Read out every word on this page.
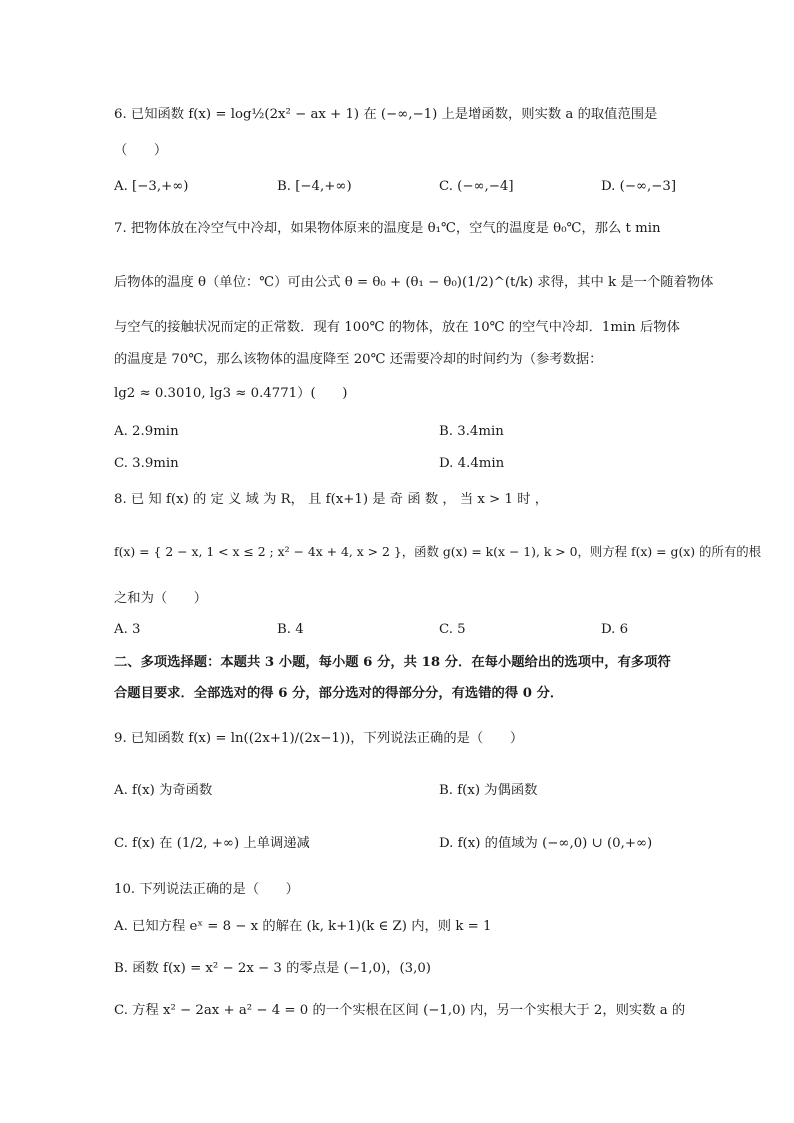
6. 已知函数 f(x) = log½(2x² − ax + 1) 在 (−∞,−1) 上是增函数，则实数 a 的取值范围是
（　　）
A. [−3,+∞)	B. [−4,+∞)	C. (−∞,−4]	D. (−∞,−3]
7. 把物体放在冷空气中冷却，如果物体原来的温度是 θ₁℃，空气的温度是 θ₀℃，那么 t min
后物体的温度 θ（单位：℃）可由公式 θ = θ₀ + (θ₁ − θ₀)(1/2)^(t/k) 求得，其中 k 是一个随着物体
与空气的接触状况而定的正常数．现有 100℃ 的物体，放在 10℃ 的空气中冷却．1min 后物体
的温度是 70℃，那么该物体的温度降至 20℃ 还需要冷却的时间约为（参考数据：
lg2 ≈ 0.3010, lg3 ≈ 0.4771）(　　)
A. 2.9min	B. 3.4min
C. 3.9min	D. 4.4min
8. 已 知 f(x) 的 定 义 域 为 R， 且 f(x+1) 是 奇 函 数 ， 当 x > 1 时 ，
f(x) = { 2 − x, 1 < x ≤ 2 ; x² − 4x + 4, x > 2 }，函数 g(x) = k(x − 1), k > 0，则方程 f(x) = g(x) 的所有的根
之和为（　　）
A. 3	B. 4	C. 5	D. 6
二、多项选择题：本题共 3 小题，每小题 6 分，共 18 分．在每小题给出的选项中，有多项符
合题目要求．全部选对的得 6 分，部分选对的得部分分，有选错的得 0 分．
9. 已知函数 f(x) = ln((2x+1)/(2x−1))，下列说法正确的是（　　）
A. f(x) 为奇函数	B. f(x) 为偶函数
C. f(x) 在 (1/2, +∞) 上单调递减	D. f(x) 的值域为 (−∞,0) ∪ (0,+∞)
10. 下列说法正确的是（　　）
A. 已知方程 eˣ = 8 − x 的解在 (k, k+1)(k ∈ Z) 内，则 k = 1
B. 函数 f(x) = x² − 2x − 3 的零点是 (−1,0)，(3,0)
C. 方程 x² − 2ax + a² − 4 = 0 的一个实根在区间 (−1,0) 内，另一个实根大于 2，则实数 a 的
